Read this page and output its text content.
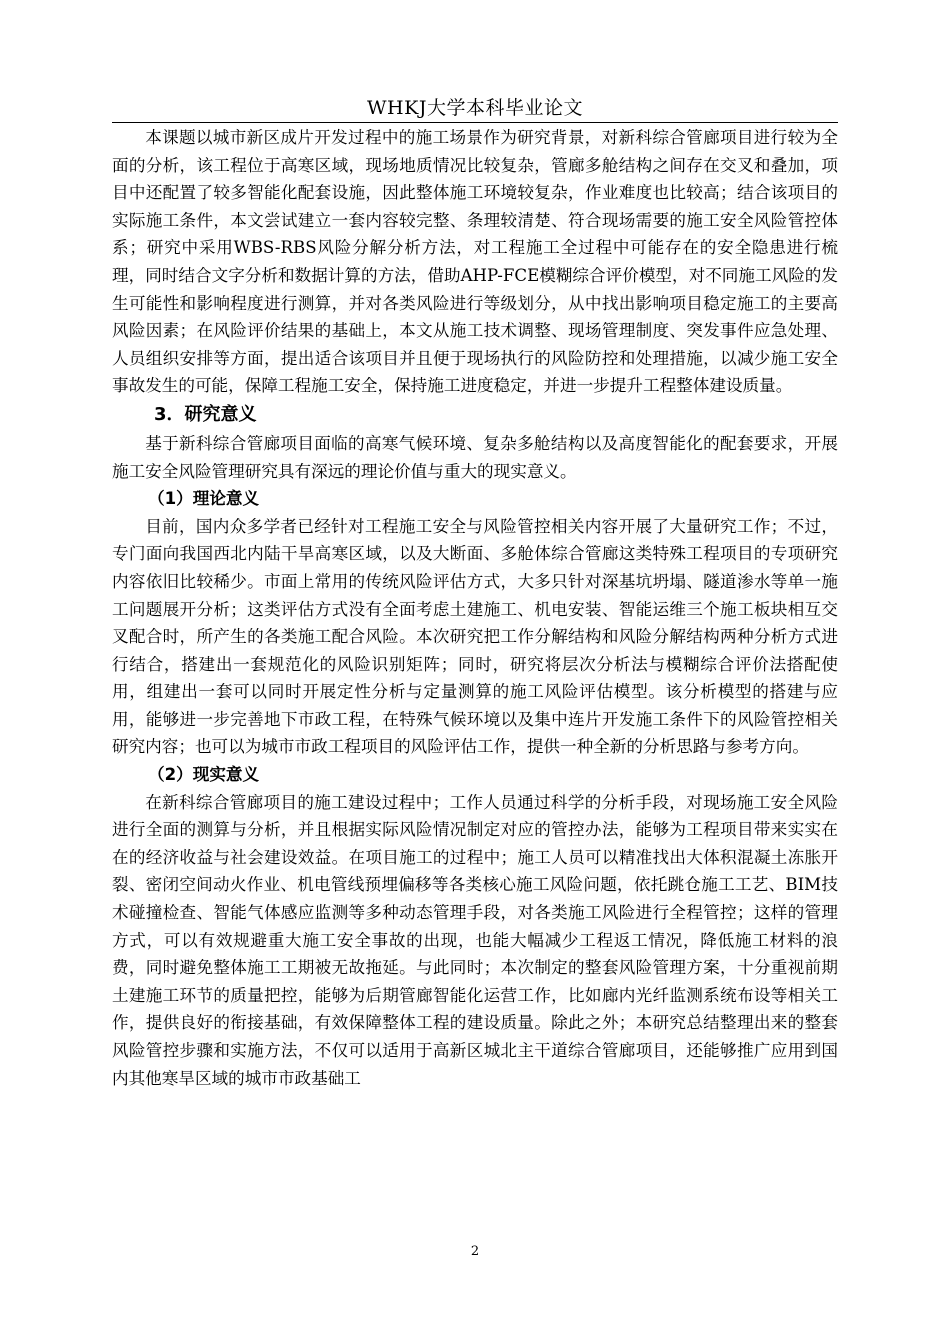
WHKJ大学本科毕业论文

本课题以城市新区成片开发过程中的施工场景作为研究背景，对新科综合管廊项目进行较为全面的分析，该工程位于高寒区域，现场地质情况比较复杂，管廊多舱结构之间存在交叉和叠加，项目中还配置了较多智能化配套设施，因此整体施工环境较复杂，作业难度也比较高；结合该项目的实际施工条件，本文尝试建立一套内容较完整、条理较清楚、符合现场需要的施工安全风险管控体系；研究中采用WBS-RBS风险分解分析方法，对工程施工全过程中可能存在的安全隐患进行梳理，同时结合文字分析和数据计算的方法，借助AHP-FCE模糊综合评价模型，对不同施工风险的发生可能性和影响程度进行测算，并对各类风险进行等级划分，从中找出影响项目稳定施工的主要高风险因素；在风险评价结果的基础上，本文从施工技术调整、现场管理制度、突发事件应急处理、人员组织安排等方面，提出适合该项目并且便于现场执行的风险防控和处理措施，以减少施工安全事故发生的可能，保障工程施工安全，保持施工进度稳定，并进一步提升工程整体建设质量。

3．研究意义

基于新科综合管廊项目面临的高寒气候环境、复杂多舱结构以及高度智能化的配套要求，开展施工安全风险管理研究具有深远的理论价值与重大的现实意义。

（1）理论意义

目前，国内众多学者已经针对工程施工安全与风险管控相关内容开展了大量研究工作；不过，专门面向我国西北内陆干旱高寒区域，以及大断面、多舱体综合管廊这类特殊工程项目的专项研究内容依旧比较稀少。市面上常用的传统风险评估方式，大多只针对深基坑坍塌、隧道渗水等单一施工问题展开分析；这类评估方式没有全面考虑土建施工、机电安装、智能运维三个施工板块相互交叉配合时，所产生的各类施工配合风险。本次研究把工作分解结构和风险分解结构两种分析方式进行结合，搭建出一套规范化的风险识别矩阵；同时，研究将层次分析法与模糊综合评价法搭配使用，组建出一套可以同时开展定性分析与定量测算的施工风险评估模型。该分析模型的搭建与应用，能够进一步完善地下市政工程，在特殊气候环境以及集中连片开发施工条件下的风险管控相关研究内容；也可以为城市市政工程项目的风险评估工作，提供一种全新的分析思路与参考方向。

（2）现实意义

在新科综合管廊项目的施工建设过程中；工作人员通过科学的分析手段，对现场施工安全风险进行全面的测算与分析，并且根据实际风险情况制定对应的管控办法，能够为工程项目带来实实在在的经济收益与社会建设效益。在项目施工的过程中；施工人员可以精准找出大体积混凝土冻胀开裂、密闭空间动火作业、机电管线预埋偏移等各类核心施工风险问题，依托跳仓施工工艺、BIM技术碰撞检查、智能气体感应监测等多种动态管理手段，对各类施工风险进行全程管控；这样的管理方式，可以有效规避重大施工安全事故的出现，也能大幅减少工程返工情况，降低施工材料的浪费，同时避免整体施工工期被无故拖延。与此同时；本次制定的整套风险管理方案，十分重视前期土建施工环节的质量把控，能够为后期管廊智能化运营工作，比如廊内光纤监测系统布设等相关工作，提供良好的衔接基础，有效保障整体工程的建设质量。除此之外；本研究总结整理出来的整套风险管控步骤和实施方法，不仅可以适用于高新区城北主干道综合管廊项目，还能够推广应用到国内其他寒旱区域的城市市政基础工

2
